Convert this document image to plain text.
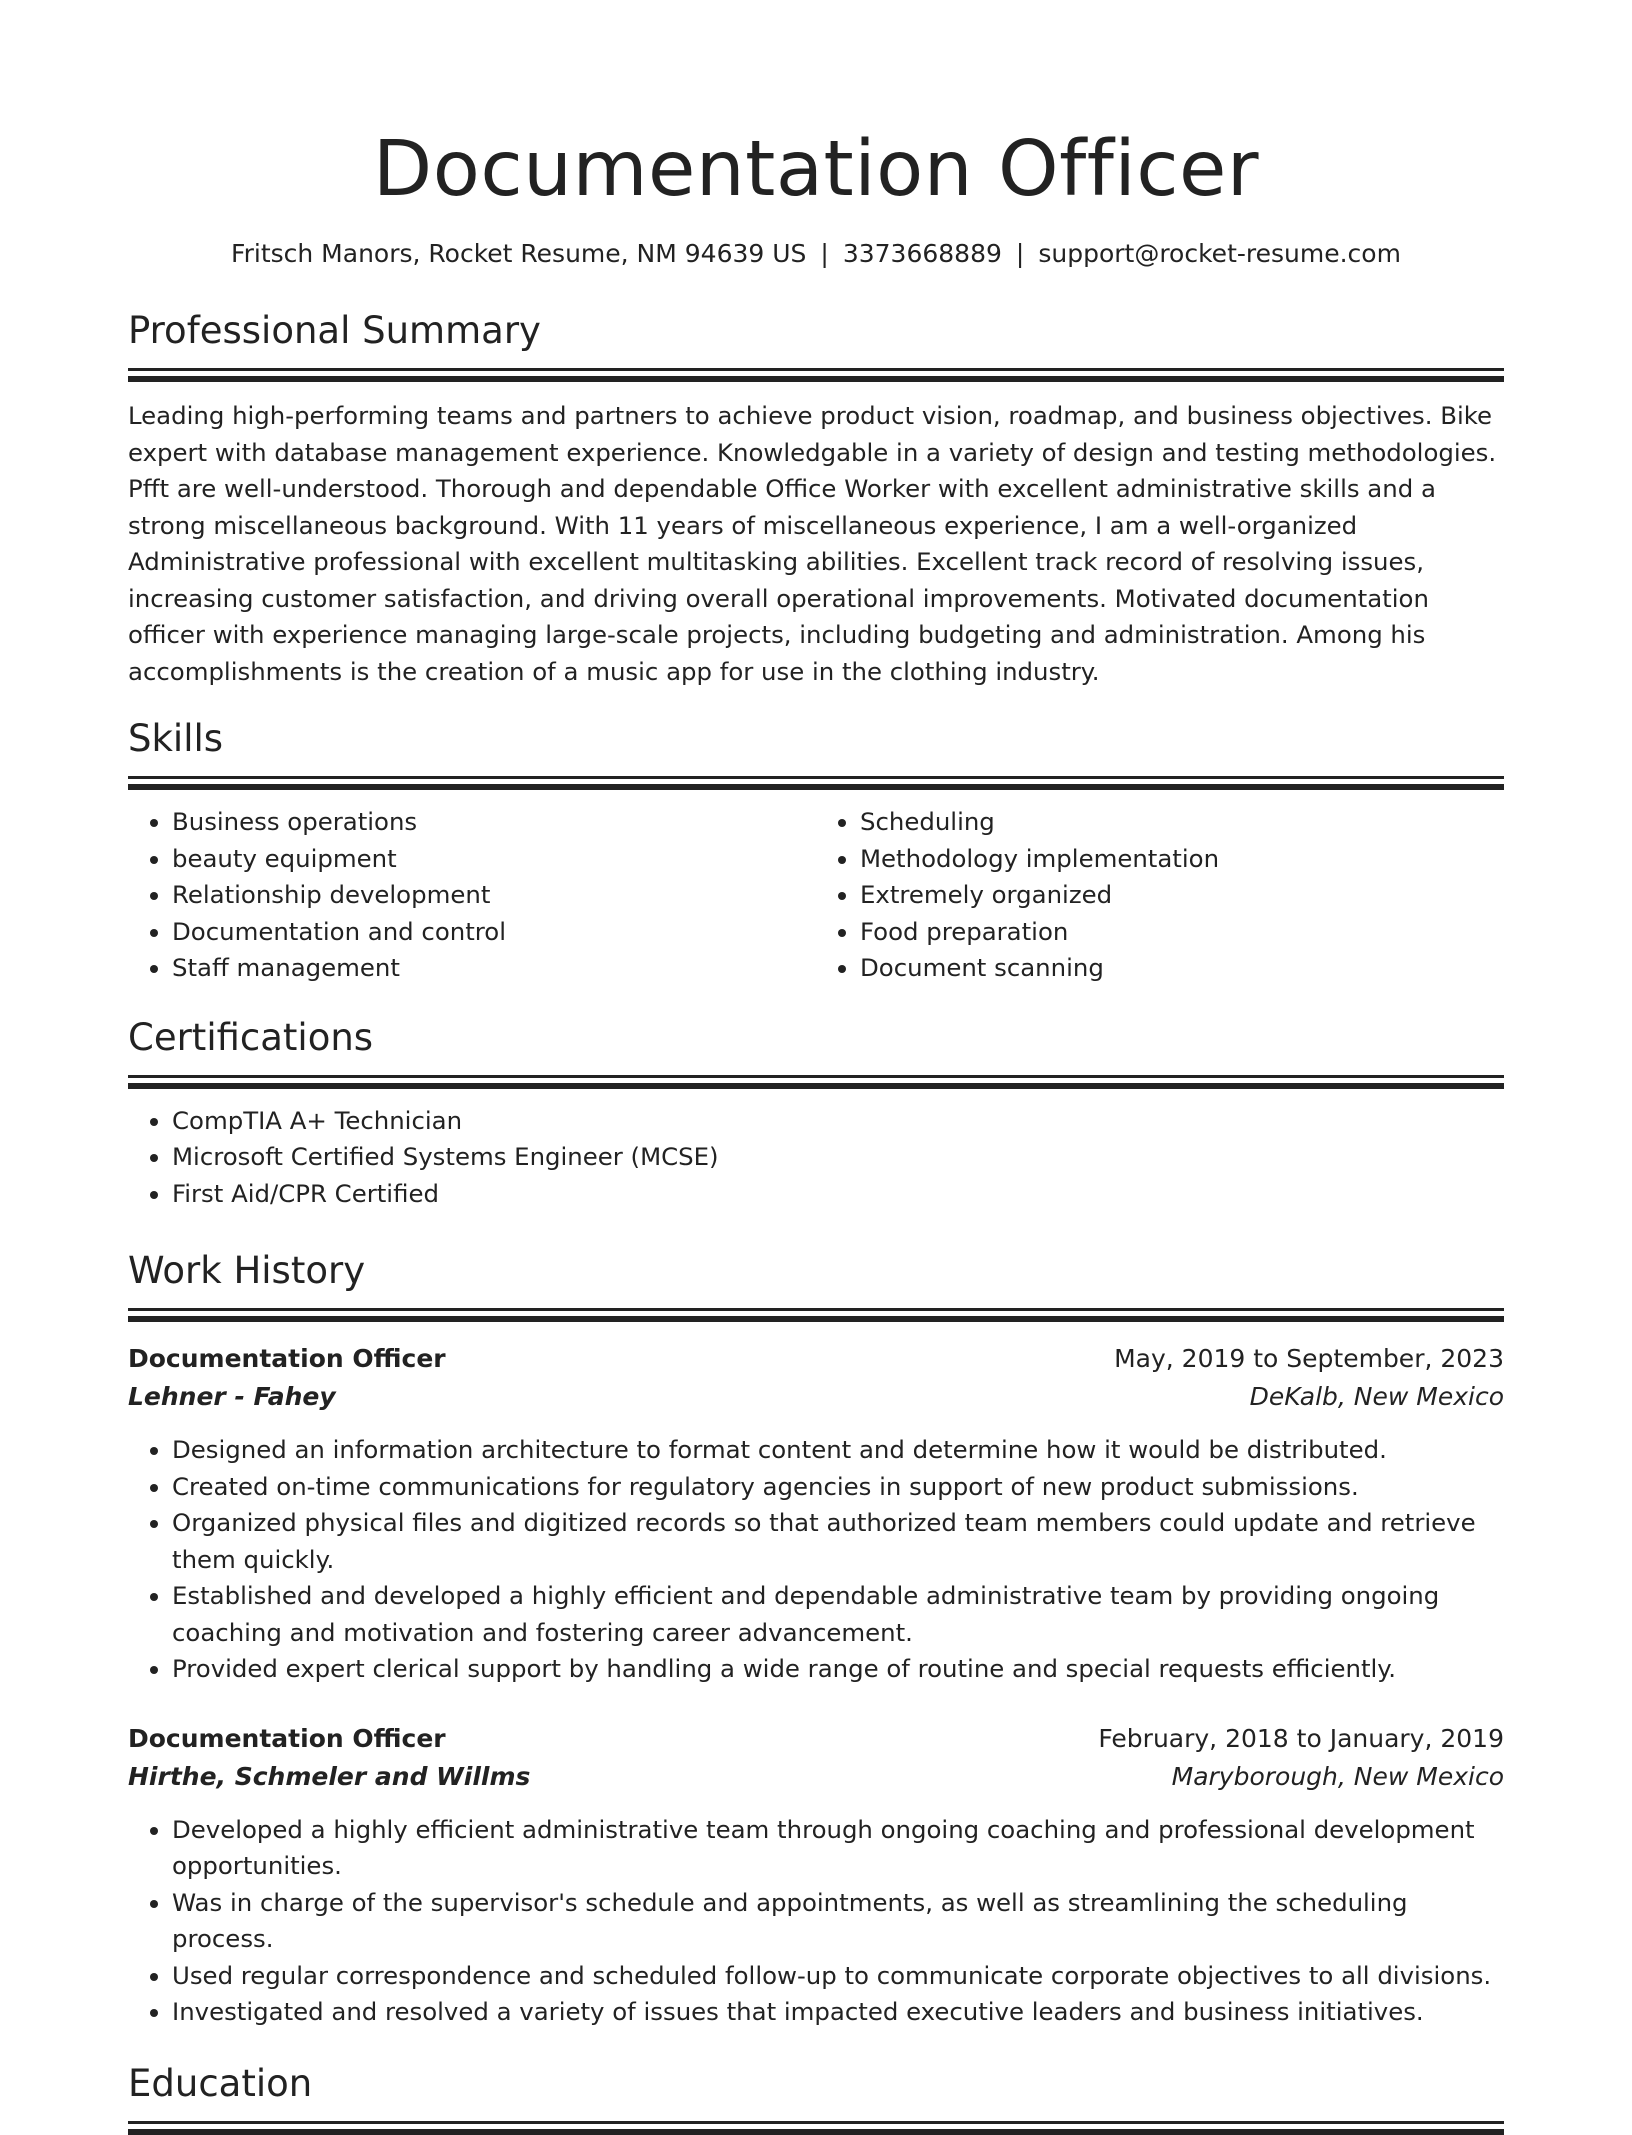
Documentation Officer
Fritsch Manors, Rocket Resume, NM 94639 US | 3373668889 | support@rocket-resume.com
Professional Summary
Leading high-performing teams and partners to achieve product vision, roadmap, and business objectives. Bike expert with database management experience. Knowledgable in a variety of design and testing methodologies. Pfft are well-understood. Thorough and dependable Office Worker with excellent administrative skills and a strong miscellaneous background. With 11 years of miscellaneous experience, I am a well-organized Administrative professional with excellent multitasking abilities. Excellent track record of resolving issues, increasing customer satisfaction, and driving overall operational improvements. Motivated documentation officer with experience managing large-scale projects, including budgeting and administration. Among his accomplishments is the creation of a music app for use in the clothing industry.
Skills
• Business operations
• beauty equipment
• Relationship development
• Documentation and control
• Staff management
• Scheduling
• Methodology implementation
• Extremely organized
• Food preparation
• Document scanning
Certifications
• CompTIA A+ Technician
• Microsoft Certified Systems Engineer (MCSE)
• First Aid/CPR Certified
Work History
Documentation Officer	May, 2019 to September, 2023
Lehner - Fahey	DeKalb, New Mexico
• Designed an information architecture to format content and determine how it would be distributed.
• Created on-time communications for regulatory agencies in support of new product submissions.
• Organized physical files and digitized records so that authorized team members could update and retrieve them quickly.
• Established and developed a highly efficient and dependable administrative team by providing ongoing coaching and motivation and fostering career advancement.
• Provided expert clerical support by handling a wide range of routine and special requests efficiently.
Documentation Officer	February, 2018 to January, 2019
Hirthe, Schmeler and Willms	Maryborough, New Mexico
• Developed a highly efficient administrative team through ongoing coaching and professional development opportunities.
• Was in charge of the supervisor's schedule and appointments, as well as streamlining the scheduling process.
• Used regular correspondence and scheduled follow-up to communicate corporate objectives to all divisions.
• Investigated and resolved a variety of issues that impacted executive leaders and business initiatives.
Education
